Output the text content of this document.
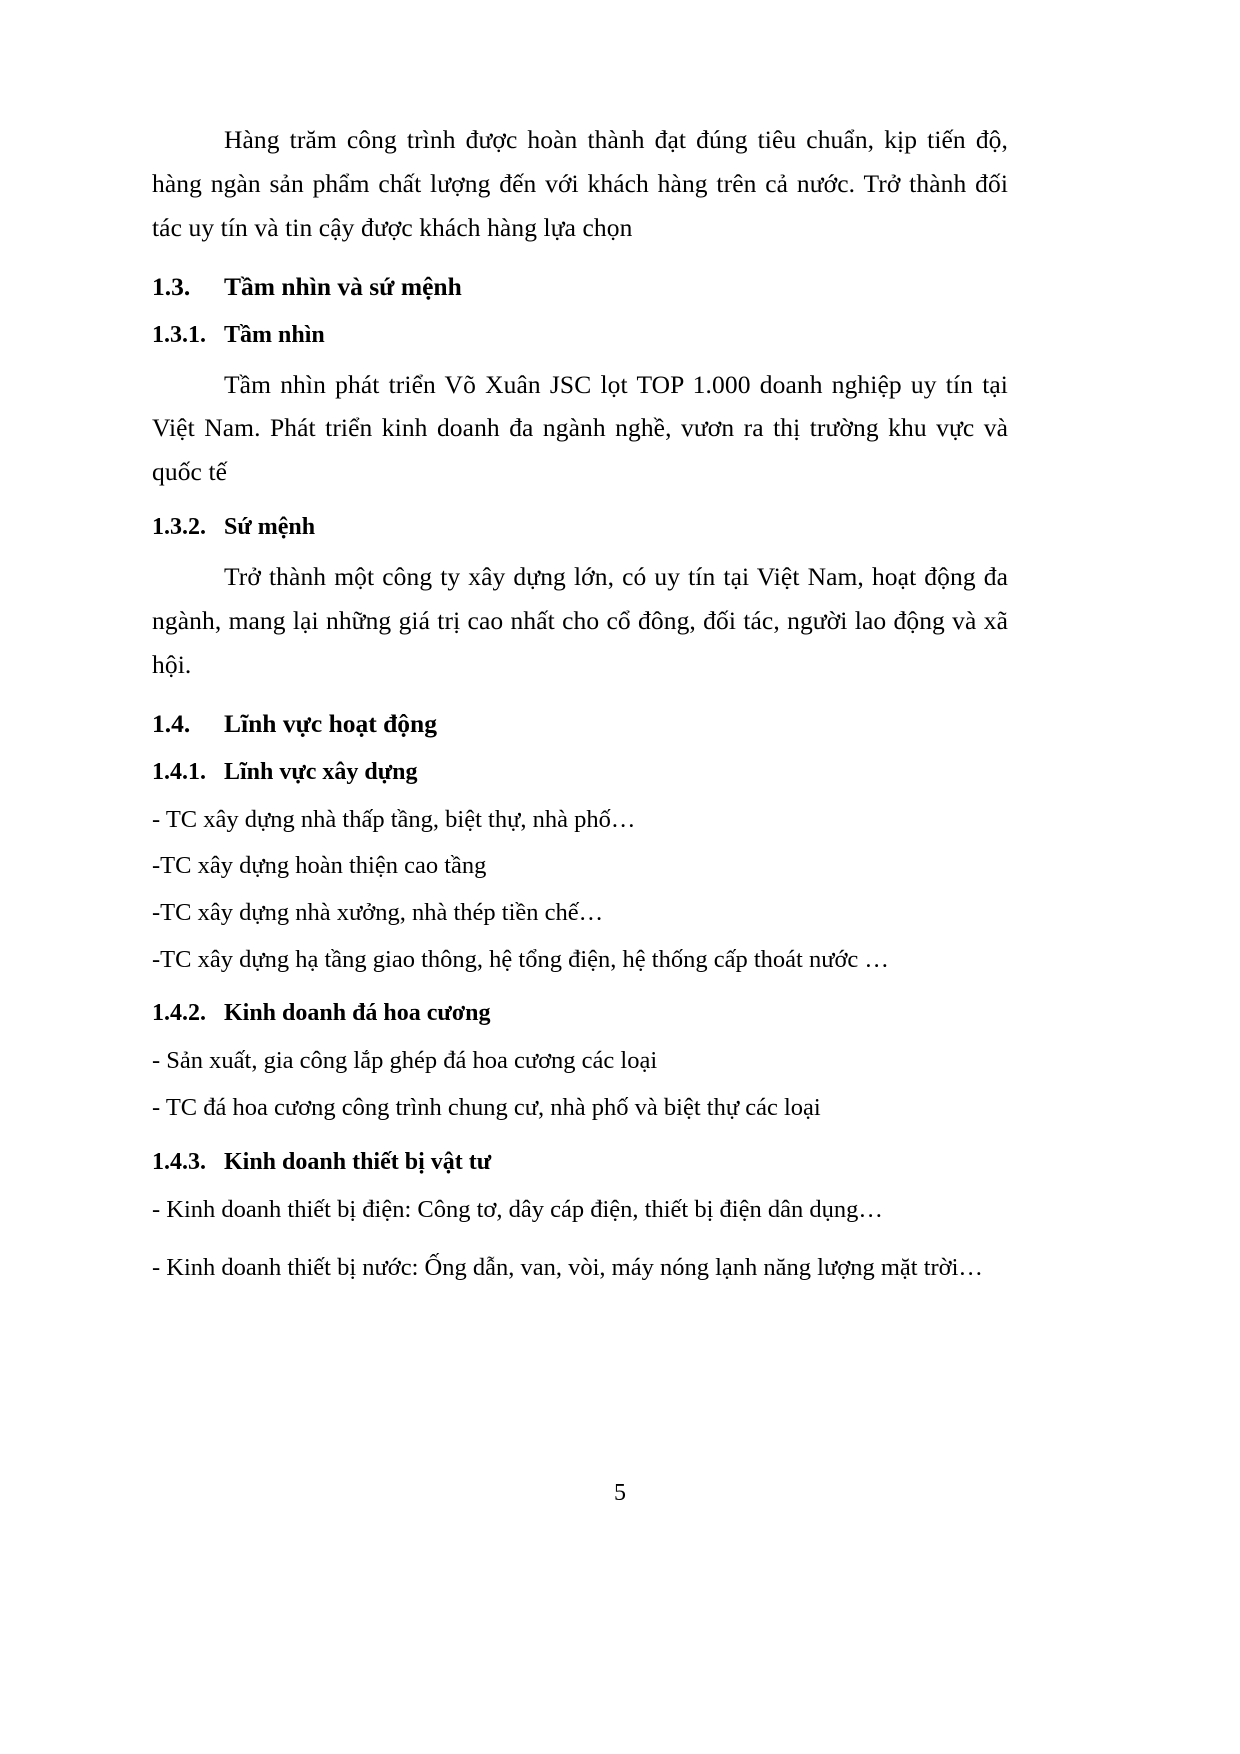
Hàng trăm công trình được hoàn thành đạt đúng tiêu chuẩn, kịp tiến độ, hàng ngàn sản phẩm chất lượng đến với khách hàng trên cả nước. Trở thành đối tác uy tín và tin cậy được khách hàng lựa chọn

1.3.	Tầm nhìn và sứ mệnh
1.3.1. Tầm nhìn

Tầm nhìn phát triển Võ Xuân JSC lọt TOP 1.000 doanh nghiệp uy tín tại Việt Nam. Phát triển kinh doanh đa ngành nghề, vươn ra thị trường khu vực và quốc tế

1.3.2. Sứ mệnh

Trở thành một công ty xây dựng lớn, có uy tín tại Việt Nam, hoạt động đa ngành, mang lại những giá trị cao nhất cho cổ đông, đối tác, người lao động và xã hội.

1.4.	Lĩnh vực hoạt động
1.4.1. Lĩnh vực xây dựng

- TC xây dựng nhà thấp tầng, biệt thự, nhà phố…

-TC xây dựng hoàn thiện cao tầng

-TC xây dựng nhà xưởng, nhà thép tiền chế…

-TC xây dựng hạ tầng giao thông, hệ tổng điện, hệ thống cấp thoát nước …

1.4.2. Kinh doanh đá hoa cương

- Sản xuất, gia công lắp ghép đá hoa cương các loại

- TC đá hoa cương công trình chung cư, nhà phố và biệt thự các loại

1.4.3. Kinh doanh thiết bị vật tư

- Kinh doanh thiết bị điện: Công tơ, dây cáp điện, thiết bị điện dân dụng…

- Kinh doanh thiết bị nước: Ống dẫn, van, vòi, máy nóng lạnh năng lượng mặt trời…

5
